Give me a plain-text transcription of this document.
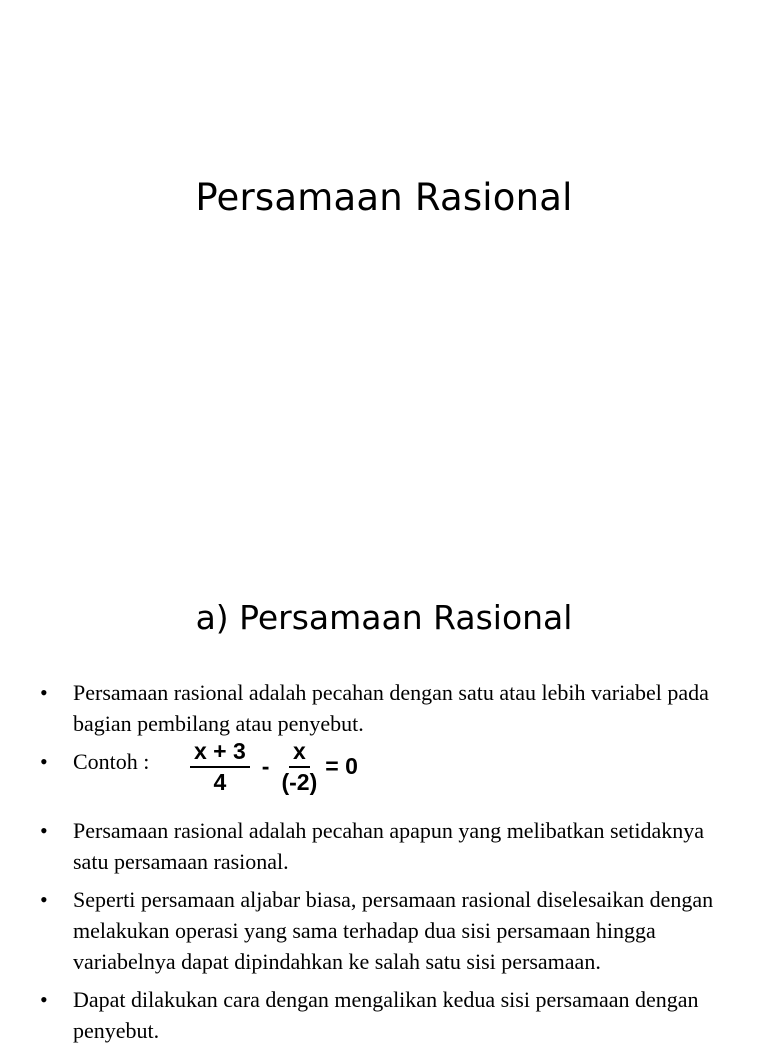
Persamaan Rasional
a) Persamaan Rasional
•	Persamaan rasional adalah pecahan dengan satu atau lebih variabel pada bagian pembilang atau penyebut.
•	Contoh : $\frac{x + 3}{4} - \frac{x}{(-2)} = 0$
•	Persamaan rasional adalah pecahan apapun yang melibatkan setidaknya satu persamaan rasional.
•	Seperti persamaan aljabar biasa, persamaan rasional diselesaikan dengan melakukan operasi yang sama terhadap dua sisi persamaan hingga variabelnya dapat dipindahkan ke salah satu sisi persamaan.
•	Dapat dilakukan cara dengan mengalikan kedua sisi persamaan dengan penyebut.
